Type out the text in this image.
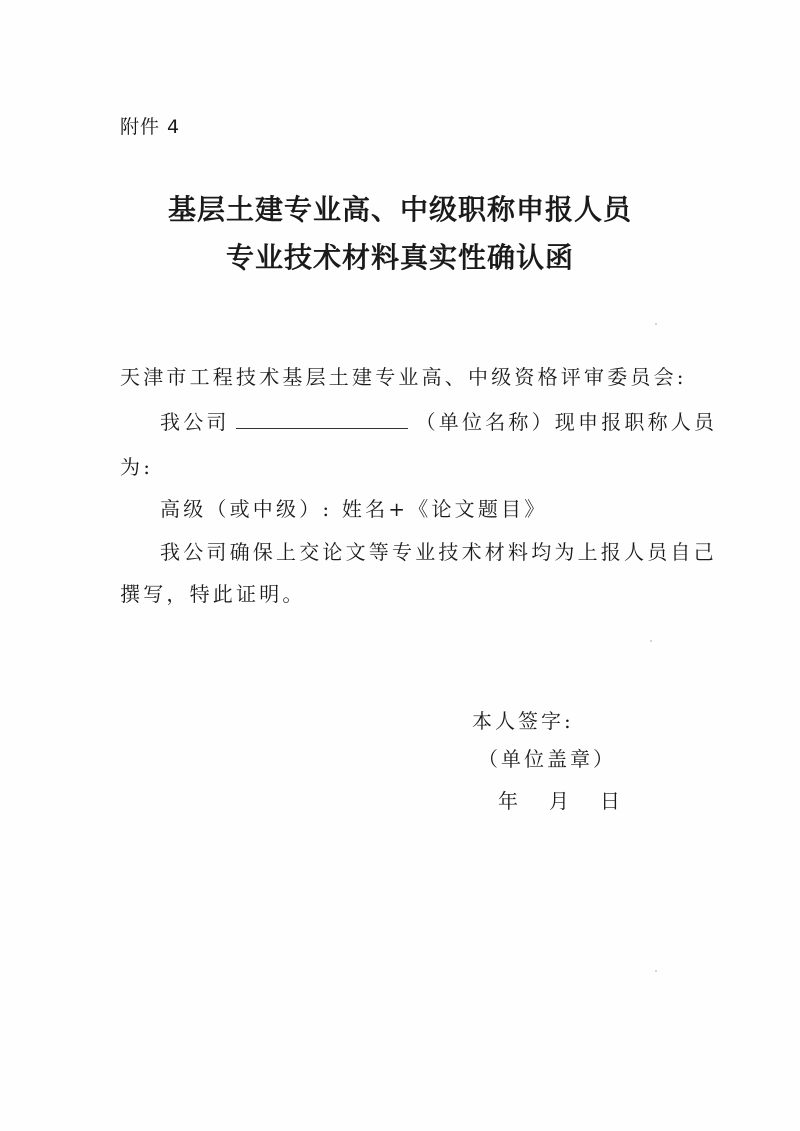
附件 4
基层土建专业高、中级职称申报人员
专业技术材料真实性确认函
天津市工程技术基层土建专业高、中级资格评审委员会:
我公司	（单位名称）现申报职称人员
为:
高级（或中级）: 姓名+《论文题目》
我公司确保上交论文等专业技术材料均为上报人员自己
撰写，特此证明。
本人签字:
（单位盖章）
年 月 日
